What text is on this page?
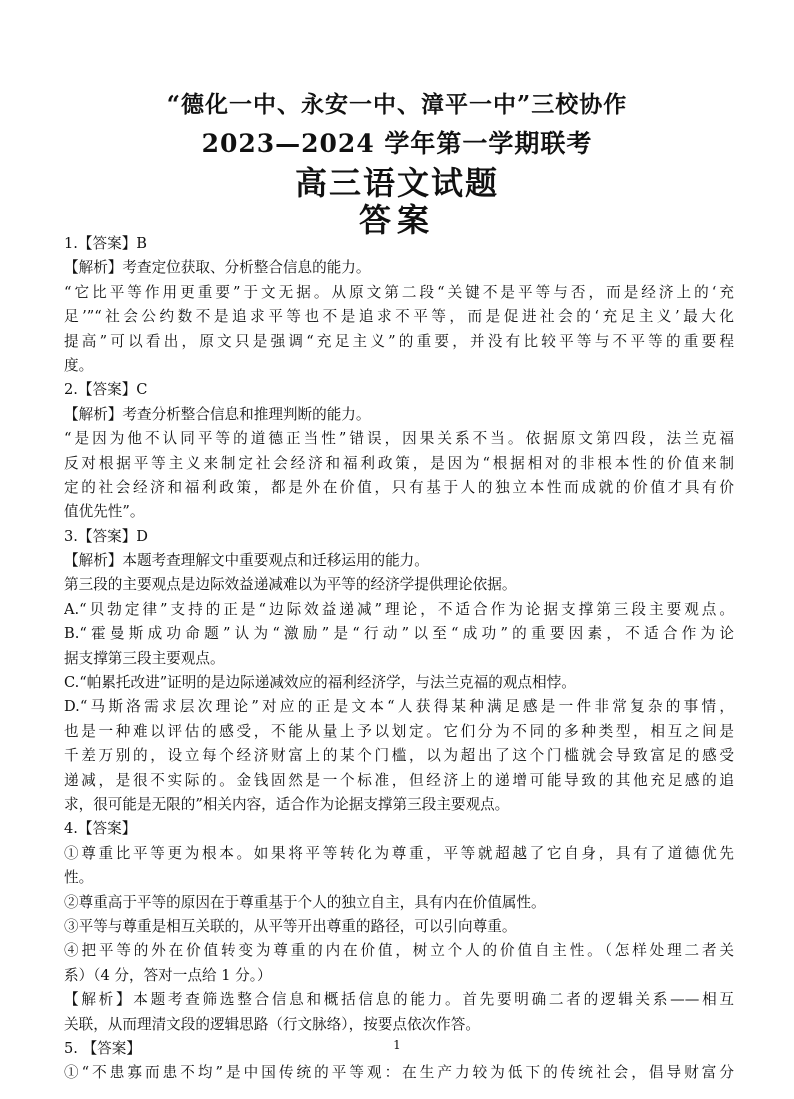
“德化一中、永安一中、漳平一中”三校协作
2023—2024 学年第一学期联考
高三语文试题
答案
1.【答案】B
【解析】考查定位获取、分析整合信息的能力。
“它比平等作用更重要”于文无据。从原文第二段“关键不是平等与否，而是经济上的‘充
足’”“社会公约数不是追求平等也不是追求不平等，而是促进社会的‘充足主义’最大化
提高”可以看出，原文只是强调“充足主义”的重要，并没有比较平等与不平等的重要程
度。
2.【答案】C
【解析】考查分析整合信息和推理判断的能力。
“是因为他不认同平等的道德正当性”错误，因果关系不当。依据原文第四段，法兰克福
反对根据平等主义来制定社会经济和福利政策，是因为“根据相对的非根本性的价值来制
定的社会经济和福利政策，都是外在价值，只有基于人的独立本性而成就的价值才具有价
值优先性”。
3.【答案】D
【解析】本题考查理解文中重要观点和迁移运用的能力。
第三段的主要观点是边际效益递减难以为平等的经济学提供理论依据。
A.“贝勃定律”支持的正是“边际效益递减”理论，不适合作为论据支撑第三段主要观点。
B.“霍曼斯成功命题”认为“激励”是“行动”以至“成功”的重要因素，不适合作为论
据支撑第三段主要观点。
C.“帕累托改进”证明的是边际递减效应的福利经济学，与法兰克福的观点相悖。
D.“马斯洛需求层次理论”对应的正是文本“人获得某种满足感是一件非常复杂的事情，
也是一种难以评估的感受，不能从量上予以划定。它们分为不同的多种类型，相互之间是
千差万别的，设立每个经济财富上的某个门槛，以为超出了这个门槛就会导致富足的感受
递减，是很不实际的。金钱固然是一个标准，但经济上的递增可能导致的其他充足感的追
求，很可能是无限的”相关内容，适合作为论据支撑第三段主要观点。
4.【答案】
①尊重比平等更为根本。如果将平等转化为尊重，平等就超越了它自身，具有了道德优先
性。
②尊重高于平等的原因在于尊重基于个人的独立自主，具有内在价值属性。
③平等与尊重是相互关联的，从平等开出尊重的路径，可以引向尊重。
④把平等的外在价值转变为尊重的内在价值，树立个人的价值自主性。（怎样处理二者关
系）（4 分，答对一点给 1 分。）
【解析】本题考查筛选整合信息和概括信息的能力。首先要明确二者的逻辑关系——相互
关联，从而理清文段的逻辑思路（行文脉络），按要点依次作答。
5. 【答案】
①“不患寡而患不均”是中国传统的平等观：在生产力较为低下的传统社会，倡导财富分
1
